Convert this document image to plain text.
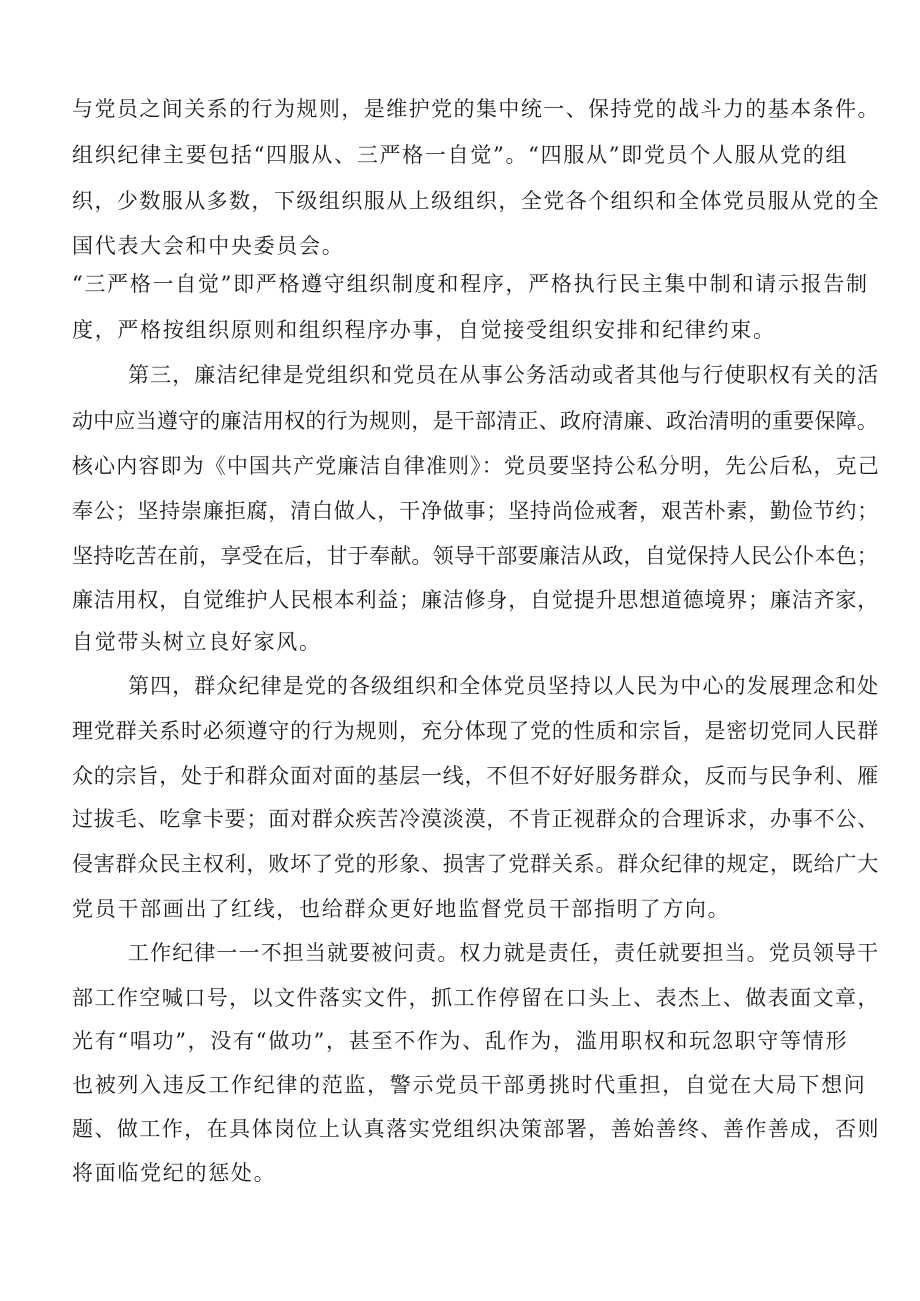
与党员之间关系的行为规则，是维护党的集中统一、保持党的战斗力的基本条件。
组织纪律主要包括“四服从、三严格一自觉”。“四服从”即党员个人服从党的组
织，少数服从多数，下级组织服从上级组织，全党各个组织和全体党员服从党的全
国代表大会和中央委员会。
“三严格一自觉”即严格遵守组织制度和程序，严格执行民主集中制和请示报告制
度，严格按组织原则和组织程序办事，自觉接受组织安排和纪律约束。
第三，廉洁纪律是党组织和党员在从事公务活动或者其他与行使职权有关的活
动中应当遵守的廉洁用权的行为规则，是干部清正、政府清廉、政治清明的重要保障。
核心内容即为《中国共产党廉洁自律准则》：党员要坚持公私分明，先公后私，克己
奉公；坚持崇廉拒腐，清白做人，干净做事；坚持尚俭戒奢，艰苦朴素，勤俭节约；
坚持吃苦在前，享受在后，甘于奉献。领导干部要廉洁从政，自觉保持人民公仆本色；
廉洁用权，自觉维护人民根本利益；廉洁修身，自觉提升思想道德境界；廉洁齐家，
自觉带头树立良好家风。
第四，群众纪律是党的各级组织和全体党员坚持以人民为中心的发展理念和处
理党群关系时必须遵守的行为规则，充分体现了党的性质和宗旨，是密切党同人民群
众的宗旨，处于和群众面对面的基层一线，不但不好好服务群众，反而与民争利、雁
过拔毛、吃拿卡要；面对群众疾苦冷漠淡漠，不肯正视群众的合理诉求，办事不公、
侵害群众民主权利，败坏了党的形象、损害了党群关系。群众纪律的规定，既给广大
党员干部画出了红线，也给群众更好地监督党员干部指明了方向。
工作纪律一一不担当就要被问责。权力就是责任，责任就要担当。党员领导干
部工作空喊口号，以文件落实文件，抓工作停留在口头上、表杰上、做表面文章，
光有“唱功”，没有“做功”，甚至不作为、乱作为，滥用职权和玩忽职守等情形
也被列入违反工作纪律的范监，警示党员干部勇挑时代重担，自觉在大局下想问
题、做工作，在具体岗位上认真落实党组织决策部署，善始善终、善作善成，否则
将面临党纪的惩处。
